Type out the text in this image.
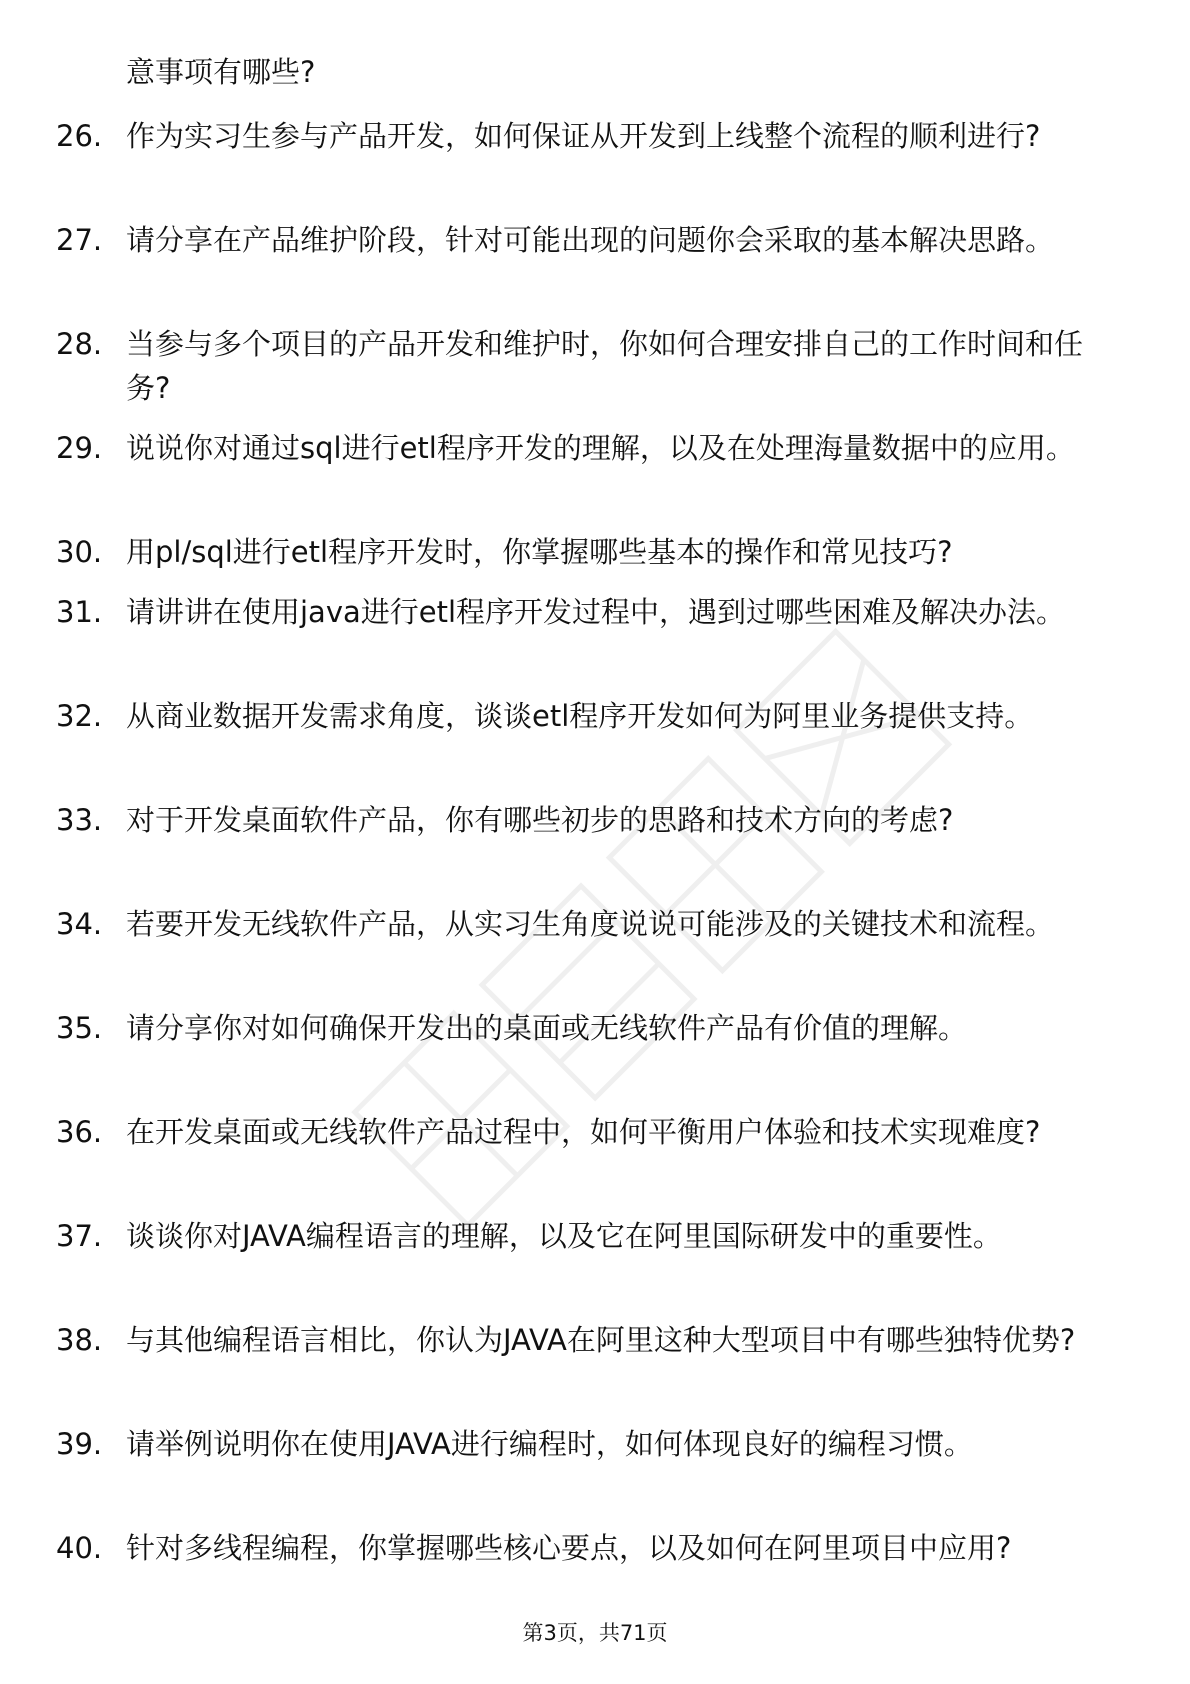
意事项有哪些?
26. 作为实习生参与产品开发，如何保证从开发到上线整个流程的顺利进行?
27. 请分享在产品维护阶段，针对可能出现的问题你会采取的基本解决思路。
28. 当参与多个项目的产品开发和维护时，你如何合理安排自己的工作时间和任务?
29. 说说你对通过sql进行etl程序开发的理解，以及在处理海量数据中的应用。
30. 用pl/sql进行etl程序开发时，你掌握哪些基本的操作和常见技巧?
31. 请讲讲在使用java进行etl程序开发过程中，遇到过哪些困难及解决办法。
32. 从商业数据开发需求角度，谈谈etl程序开发如何为阿里业务提供支持。
33. 对于开发桌面软件产品，你有哪些初步的思路和技术方向的考虑?
34. 若要开发无线软件产品，从实习生角度说说可能涉及的关键技术和流程。
35. 请分享你对如何确保开发出的桌面或无线软件产品有价值的理解。
36. 在开发桌面或无线软件产品过程中，如何平衡用户体验和技术实现难度?
37. 谈谈你对JAVA编程语言的理解，以及它在阿里国际研发中的重要性。
38. 与其他编程语言相比，你认为JAVA在阿里这种大型项目中有哪些独特优势?
39. 请举例说明你在使用JAVA进行编程时，如何体现良好的编程习惯。
40. 针对多线程编程，你掌握哪些核心要点，以及如何在阿里项目中应用?
第3页，共71页
